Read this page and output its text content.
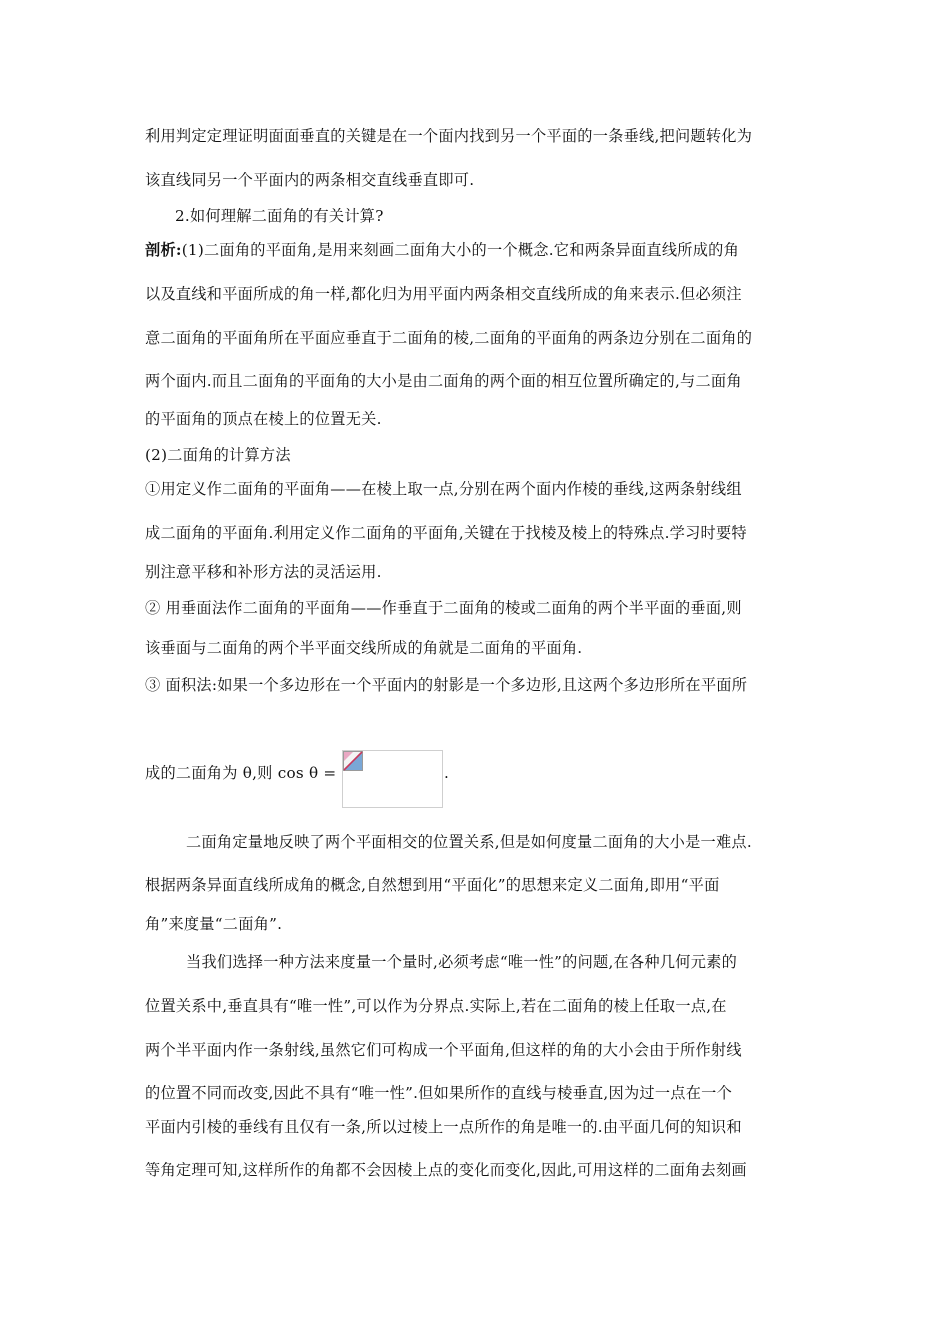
利用判定定理证明面面垂直的关键是在一个面内找到另一个平面的一条垂线,把问题转化为
该直线同另一个平面内的两条相交直线垂直即可.
2.如何理解二面角的有关计算?
剖析:(1)二面角的平面角,是用来刻画二面角大小的一个概念.它和两条异面直线所成的角
以及直线和平面所成的角一样,都化归为用平面内两条相交直线所成的角来表示.但必须注
意二面角的平面角所在平面应垂直于二面角的棱,二面角的平面角的两条边分别在二面角的
两个面内.而且二面角的平面角的大小是由二面角的两个面的相互位置所确定的,与二面角
的平面角的顶点在棱上的位置无关.
(2)二面角的计算方法
①用定义作二面角的平面角——在棱上取一点,分别在两个面内作棱的垂线,这两条射线组
成二面角的平面角.利用定义作二面角的平面角,关键在于找棱及棱上的特殊点.学习时要特
别注意平移和补形方法的灵活运用.
② 用垂面法作二面角的平面角——作垂直于二面角的棱或二面角的两个半平面的垂面,则
该垂面与二面角的两个半平面交线所成的角就是二面角的平面角.
③ 面积法:如果一个多边形在一个平面内的射影是一个多边形,且这两个多边形所在平面所
成的二面角为 θ,则 cos θ =	.
二面角定量地反映了两个平面相交的位置关系,但是如何度量二面角的大小是一难点.
根据两条异面直线所成角的概念,自然想到用“平面化”的思想来定义二面角,即用“平面
角”来度量“二面角”.
当我们选择一种方法来度量一个量时,必须考虑“唯一性”的问题,在各种几何元素的
位置关系中,垂直具有“唯一性”,可以作为分界点.实际上,若在二面角的棱上任取一点,在
两个半平面内作一条射线,虽然它们可构成一个平面角,但这样的角的大小会由于所作射线
的位置不同而改变,因此不具有“唯一性”.但如果所作的直线与棱垂直,因为过一点在一个
平面内引棱的垂线有且仅有一条,所以过棱上一点所作的角是唯一的.由平面几何的知识和
等角定理可知,这样所作的角都不会因棱上点的变化而变化,因此,可用这样的二面角去刻画
